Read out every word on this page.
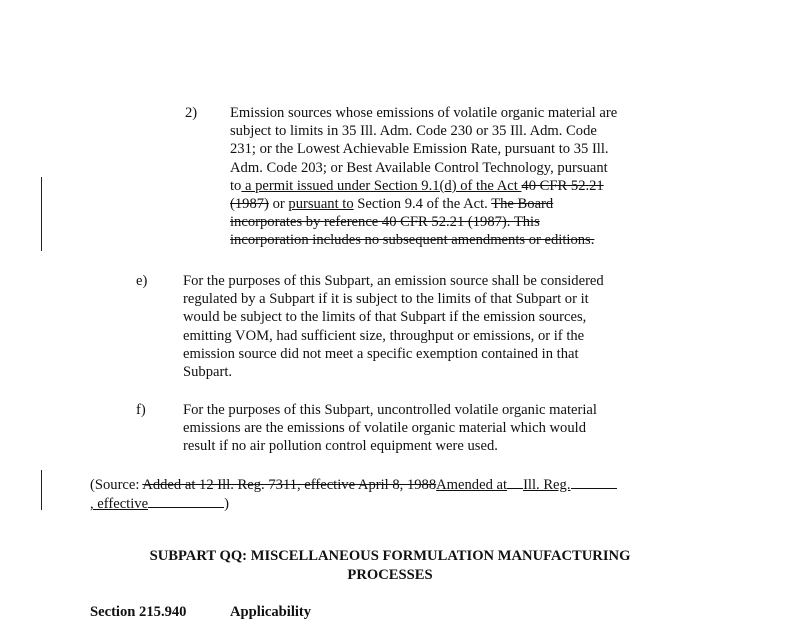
2) Emission sources whose emissions of volatile organic material are

subject to limits in 35 Ill. Adm. Code 230 or 35 Ill. Adm. Code

231; or the Lowest Achievable Emission Rate, pursuant to 35 Ill.

Adm. Code 203; or Best Available Control Technology, pursuant

to a permit issued under Section 9.1(d) of the Act 40 CFR 52.21

(1987) or pursuant to Section 9.4 of the Act. The Board

incorporates by reference 40 CFR 52.21 (1987). This

incorporation includes no subsequent amendments or editions.

e) For the purposes of this Subpart, an emission source shall be considered

regulated by a Subpart if it is subject to the limits of that Subpart or it

would be subject to the limits of that Subpart if the emission sources,

emitting VOM, had sufficient size, throughput or emissions, or if the

emission source did not meet a specific exemption contained in that

Subpart.

f)	For the purposes of this Subpart, uncontrolled volatile organic material

emissions are the emissions of volatile organic material which would

result if no air pollution control equipment were used.

(Source: Added at 12 Ill. Reg. 7311, effective April 8, 1988Amended at Ill. Reg.

, effective	)

SUBPART QQ: MISCELLANEOUS FORMULATION MANUFACTURING
PROCESSES
Section 215.940	Applicability
